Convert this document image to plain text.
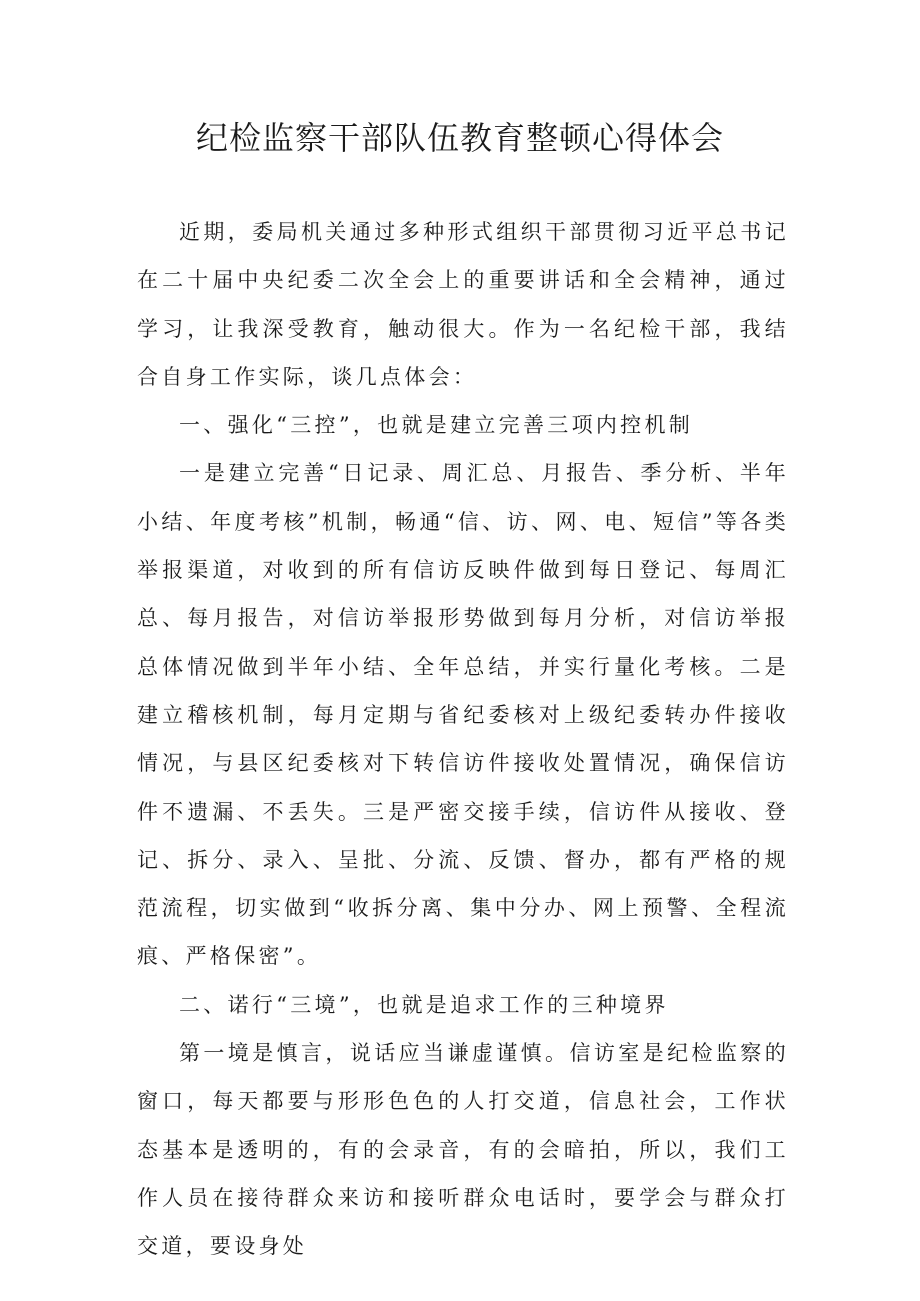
纪检监察干部队伍教育整顿心得体会

近期，委局机关通过多种形式组织干部贯彻习近平总书记在二十届中央纪委二次全会上的重要讲话和全会精神，通过学习，让我深受教育，触动很大。作为一名纪检干部，我结合自身工作实际，谈几点体会：

一、强化“三控”，也就是建立完善三项内控机制

一是建立完善“日记录、周汇总、月报告、季分析、半年小结、年度考核”机制，畅通“信、访、网、电、短信”等各类举报渠道，对收到的所有信访反映件做到每日登记、每周汇总、每月报告，对信访举报形势做到每月分析，对信访举报总体情况做到半年小结、全年总结，并实行量化考核。二是建立稽核机制，每月定期与省纪委核对上级纪委转办件接收情况，与县区纪委核对下转信访件接收处置情况，确保信访件不遗漏、不丢失。三是严密交接手续，信访件从接收、登记、拆分、录入、呈批、分流、反馈、督办，都有严格的规范流程，切实做到“收拆分离、集中分办、网上预警、全程流痕、严格保密”。

二、诺行“三境”，也就是追求工作的三种境界

第一境是慎言，说话应当谦虚谨慎。信访室是纪检监察的窗口，每天都要与形形色色的人打交道，信息社会，工作状态基本是透明的，有的会录音，有的会暗拍，所以，我们工作人员在接待群众来访和接听群众电话时，要学会与群众打交道，要设身处
